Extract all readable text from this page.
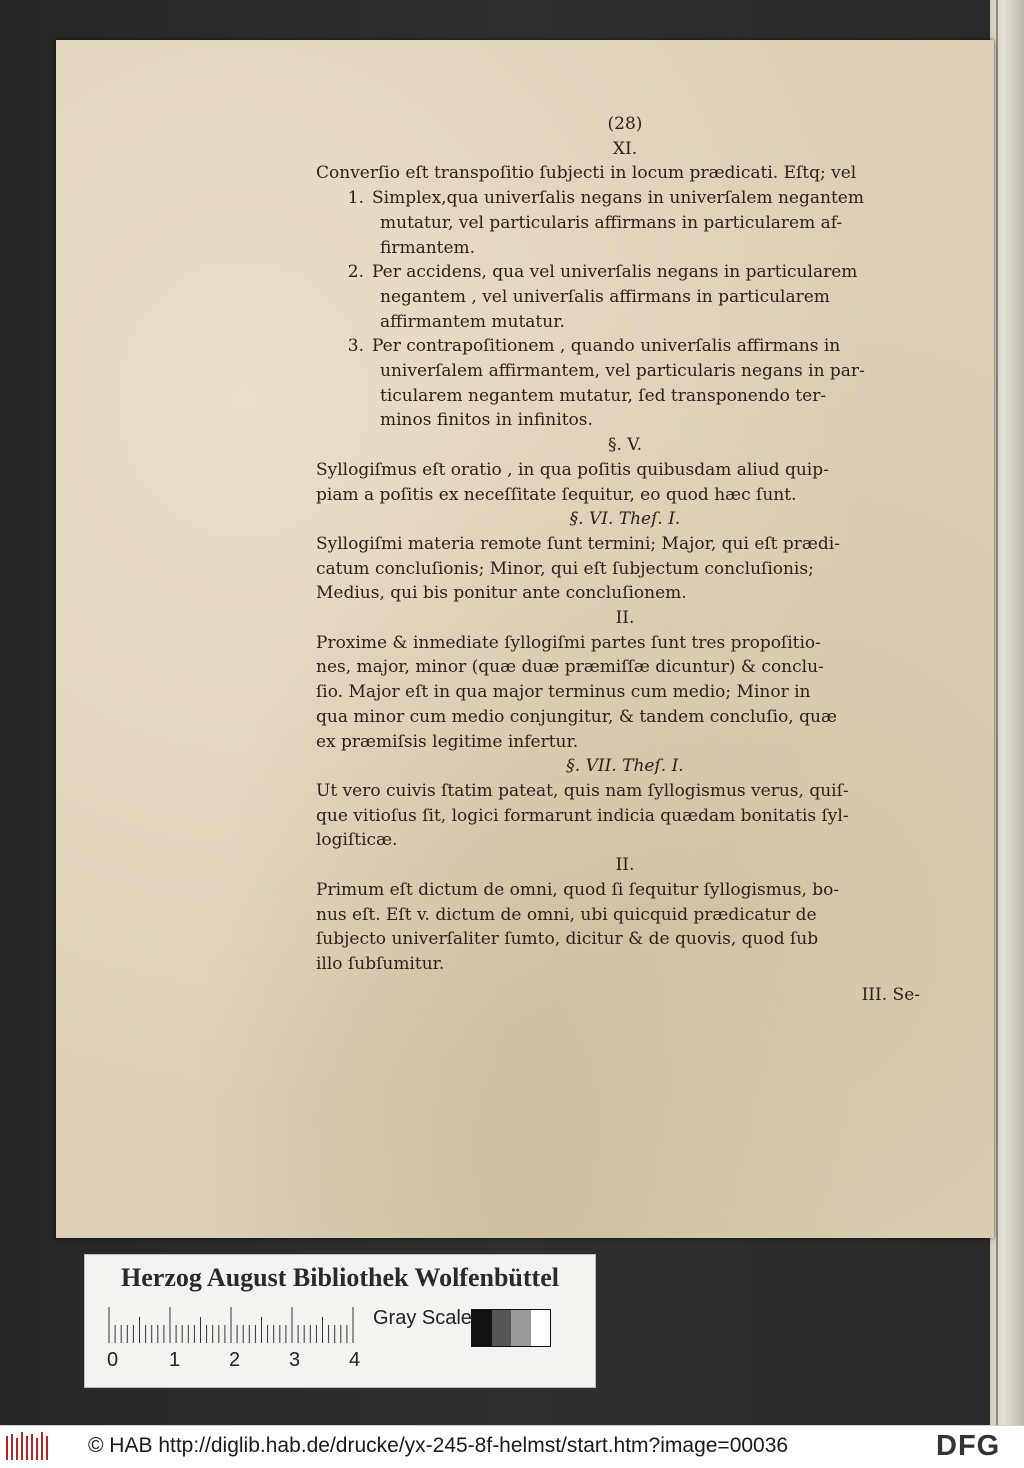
(28)
XI.
Converſio eſt transpoſitio ſubjecti in locum prædicati. Eſtq; vel
1. Simplex,qua univerſalis negans in univerſalem negantem
mutatur, vel particularis affirmans in particularem af-
firmantem.
2. Per accidens, qua vel univerſalis negans in particularem
negantem , vel univerſalis affirmans in particularem
affirmantem mutatur.
3. Per contrapoſitionem , quando univerſalis affirmans in
univerſalem affirmantem, vel particularis negans in par-
ticularem negantem mutatur, ſed transponendo ter-
minos finitos in infinitos.
§. V.
Syllogiſmus eſt oratio , in qua poſitis quibusdam aliud quip-
piam a poſitis ex neceſſitate ſequitur, eo quod hæc ſunt.
§. VI. Theſ. I.
Syllogiſmi materia remote ſunt termini; Major, qui eſt prædi-
catum concluſionis; Minor, qui eſt ſubjectum concluſionis;
Medius, qui bis ponitur ante concluſionem.
II.
Proxime & inmediate ſyllogiſmi partes ſunt tres propoſitio-
nes, major, minor (quæ duæ præmiſſæ dicuntur) & conclu-
ſio. Major eſt in qua major terminus cum medio; Minor in
qua minor cum medio conjungitur, & tandem concluſio, quæ
ex præmiſsis legitime infertur.
§. VII. Theſ. I.
Ut vero cuivis ſtatim pateat, quis nam ſyllogismus verus, quiſ-
que vitioſus ſit, logici formarunt indicia quædam bonitatis ſyl-
logiſticæ.
II.
Primum eſt dictum de omni, quod ſi ſequitur ſyllogismus, bo-
nus eſt. Eſt v. dictum de omni, ubi quicquid prædicatur de
ſubjecto univerſaliter ſumto, dicitur & de quovis, quod ſub
illo ſubſumitur.
III. Se-
Herzog August Bibliothek Wolfenbüttel
Gray Scale
0	1 2 3 4
© HAB http://diglib.hab.de/drucke/yx-245-8f-helmst/start.htm?image=00036	DFG
